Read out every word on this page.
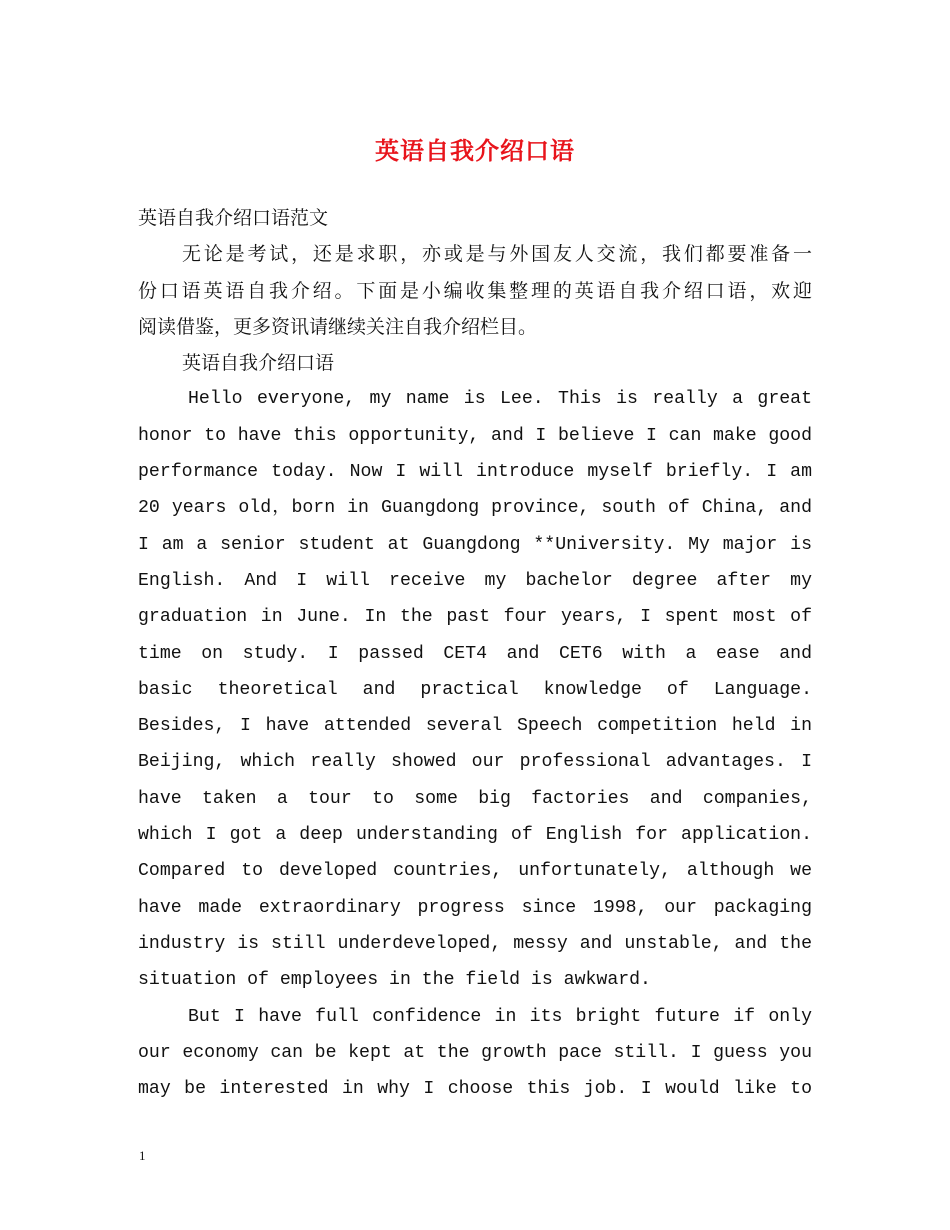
英语自我介绍口语
英语自我介绍口语范文
无论是考试，还是求职，亦或是与外国友人交流，我们都要准备一
份口语英语自我介绍。下面是小编收集整理的英语自我介绍口语，欢迎
阅读借鉴，更多资讯请继续关注自我介绍栏目。
英语自我介绍口语
Hello everyone, my name is Lee. This is really a great
honor to have this opportunity, and I believe I can make good
performance today. Now I will introduce myself briefly. I am
20 years old，born in Guangdong province, south of China, and
I am a senior student at Guangdong **University. My major is
English. And I will receive my bachelor degree after my
graduation in June. In the past four years, I spent most of
time on study. I passed CET4 and CET6 with a ease and
basic theoretical and practical knowledge of Language.
Besides, I have attended several Speech competition held in
Beijing, which really showed our professional advantages. I
have taken a tour to some big factories and companies,
which I got a deep understanding of English for application.
Compared to developed countries, unfortunately, although we
have made extraordinary progress since 1998, our packaging
industry is still underdeveloped, messy and unstable, and the
situation of employees in the field is awkward.
But I have full confidence in its bright future if only
our economy can be kept at the growth pace still. I guess you
may be interested in why I choose this job. I would like to
1
